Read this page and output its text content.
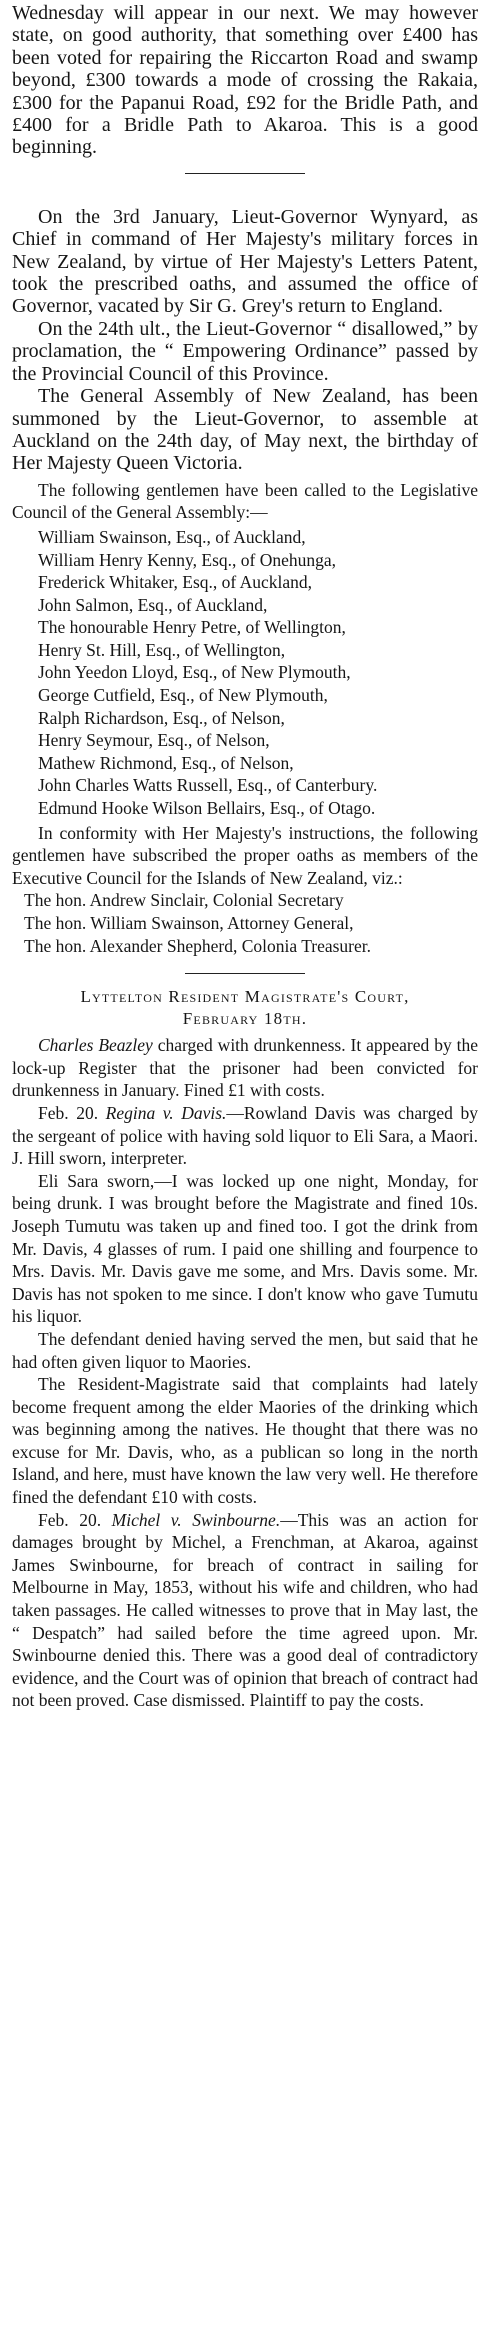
Wednesday will appear in our next. We may however state, on good authority, that something over £400 has been voted for repairing the Riccarton Road and swamp beyond, £300 towards a mode of crossing the Rakaia, £300 for the Papanui Road, £92 for the Bridle Path, and £400 for a Bridle Path to Akaroa. This is a good beginning.

On the 3rd January, Lieut-Governor Wynyard, as Chief in command of Her Majesty's military forces in New Zealand, by virtue of Her Majesty's Letters Patent, took the prescribed oaths, and assumed the office of Governor, vacated by Sir G. Grey's return to England.

On the 24th ult., the Lieut-Governor “ disallowed,” by proclamation, the “ Empowering Ordinance” passed by the Provincial Council of this Province.

The General Assembly of New Zealand, has been summoned by the Lieut-Governor, to assemble at Auckland on the 24th day, of May next, the birthday of Her Majesty Queen Victoria.

The following gentlemen have been called to the Legislative Council of the General Assembly:—

William Swainson, Esq., of Auckland,

William Henry Kenny, Esq., of Onehunga,

Frederick Whitaker, Esq., of Auckland,

John Salmon, Esq., of Auckland,

The honourable Henry Petre, of Wellington,

Henry St. Hill, Esq., of Wellington,

John Yeedon Lloyd, Esq., of New Plymouth,

George Cutfield, Esq., of New Plymouth,

Ralph Richardson, Esq., of Nelson,

Henry Seymour, Esq., of Nelson,

Mathew Richmond, Esq., of Nelson,

John Charles Watts Russell, Esq., of Canterbury.

Edmund Hooke Wilson Bellairs, Esq., of Otago.

In conformity with Her Majesty's instructions, the following gentlemen have subscribed the proper oaths as members of the Executive Council for the Islands of New Zealand, viz.:

The hon. Andrew Sinclair, Colonial Secretary

The hon. William Swainson, Attorney General,

The hon. Alexander Shepherd, Colonia Treasurer.

Lyttelton Resident Magistrate's Court,

February 18th.

Charles Beazley charged with drunkenness. It appeared by the lock-up Register that the prisoner had been convicted for drunkenness in January. Fined £1 with costs.

Feb. 20. Regina v. Davis.—Rowland Davis was charged by the sergeant of police with having sold liquor to Eli Sara, a Maori. J. Hill sworn, interpreter.

Eli Sara sworn,—I was locked up one night, Monday, for being drunk. I was brought before the Magistrate and fined 10s. Joseph Tumutu was taken up and fined too. I got the drink from Mr. Davis, 4 glasses of rum. I paid one shilling and fourpence to Mrs. Davis. Mr. Davis gave me some, and Mrs. Davis some. Mr. Davis has not spoken to me since. I don't know who gave Tumutu his liquor.

The defendant denied having served the men, but said that he had often given liquor to Maories.

The Resident-Magistrate said that complaints had lately become frequent among the elder Maories of the drinking which was beginning among the natives. He thought that there was no excuse for Mr. Davis, who, as a publican so long in the north Island, and here, must have known the law very well. He therefore fined the defendant £10 with costs.

Feb. 20. Michel v. Swinbourne.—This was an action for damages brought by Michel, a Frenchman, at Akaroa, against James Swinbourne, for breach of contract in sailing for Melbourne in May, 1853, without his wife and children, who had taken passages. He called witnesses to prove that in May last, the “ Despatch” had sailed before the time agreed upon. Mr. Swinbourne denied this. There was a good deal of contradictory evidence, and the Court was of opinion that breach of contract had not been proved. Case dismissed. Plaintiff to pay the costs.
